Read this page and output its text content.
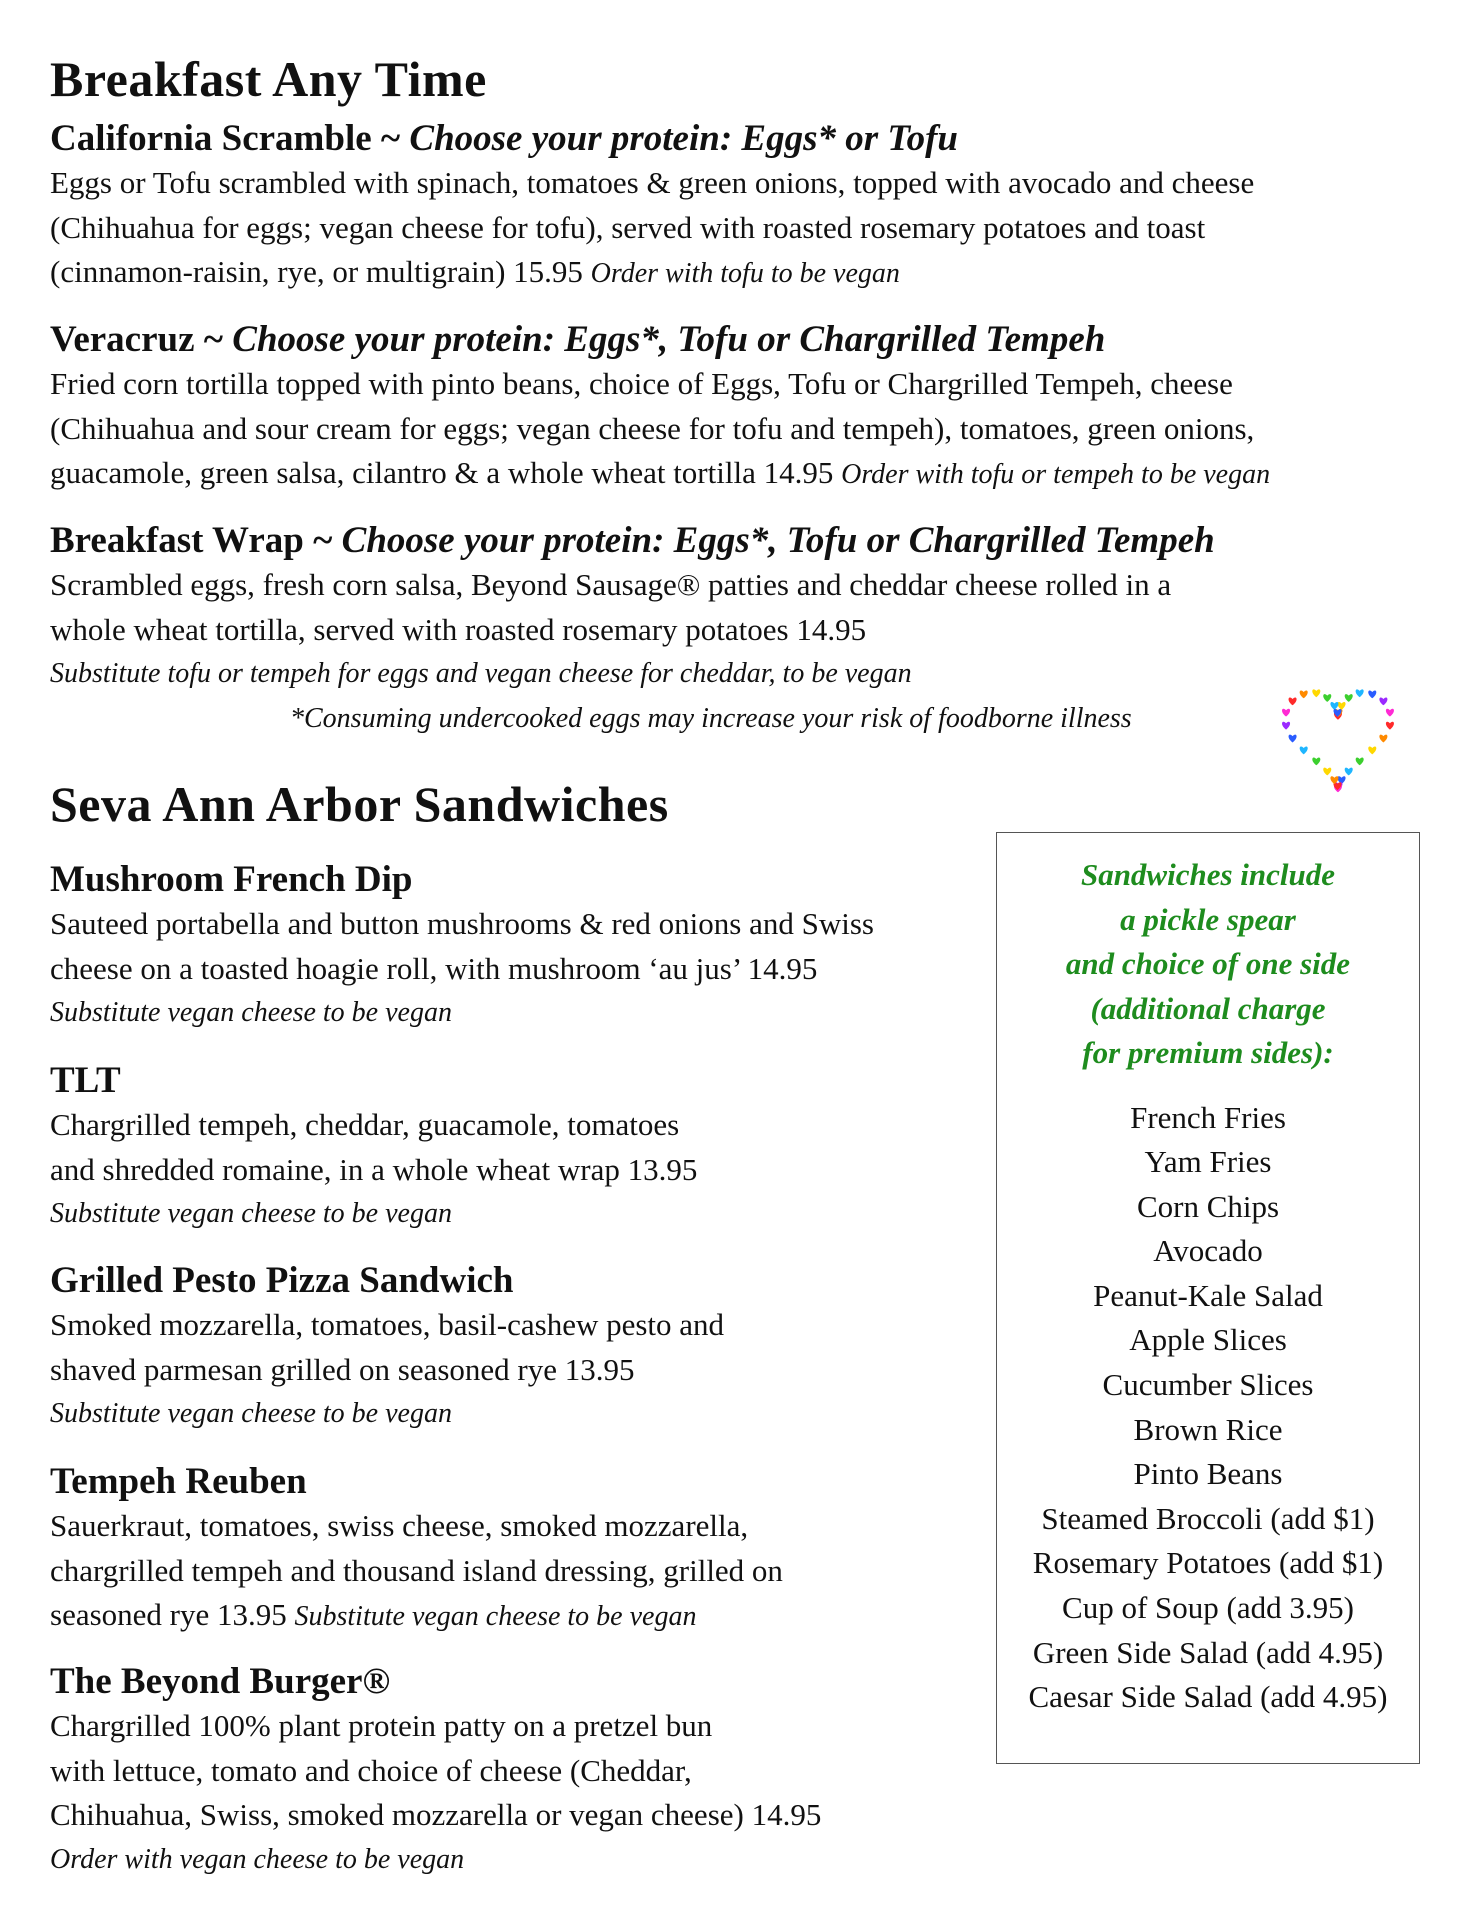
Breakfast Any Time
California Scramble ~ Choose your protein: Eggs* or Tofu
Eggs or Tofu scrambled with spinach, tomatoes & green onions, topped with avocado and cheese
(Chihuahua for eggs; vegan cheese for tofu), served with roasted rosemary potatoes and toast
(cinnamon-raisin, rye, or multigrain) 15.95 Order with tofu to be vegan
Veracruz ~ Choose your protein: Eggs*, Tofu or Chargrilled Tempeh
Fried corn tortilla topped with pinto beans, choice of Eggs, Tofu or Chargrilled Tempeh, cheese
(Chihuahua and sour cream for eggs; vegan cheese for tofu and tempeh), tomatoes, green onions,
guacamole, green salsa, cilantro & a whole wheat tortilla 14.95 Order with tofu or tempeh to be vegan
Breakfast Wrap ~ Choose your protein: Eggs*, Tofu or Chargrilled Tempeh
Scrambled eggs, fresh corn salsa, Beyond Sausage® patties and cheddar cheese rolled in a
whole wheat tortilla, served with roasted rosemary potatoes 14.95
Substitute tofu or tempeh for eggs and vegan cheese for cheddar, to be vegan
*Consuming undercooked eggs may increase your risk of foodborne illness
Seva Ann Arbor Sandwiches
Mushroom French Dip
Sauteed portabella and button mushrooms & red onions and Swiss
cheese on a toasted hoagie roll, with mushroom ‘au jus’ 14.95
Substitute vegan cheese to be vegan
TLT
Chargrilled tempeh, cheddar, guacamole, tomatoes
and shredded romaine, in a whole wheat wrap 13.95
Substitute vegan cheese to be vegan
Grilled Pesto Pizza Sandwich
Smoked mozzarella, tomatoes, basil-cashew pesto and
shaved parmesan grilled on seasoned rye 13.95
Substitute vegan cheese to be vegan
Tempeh Reuben
Sauerkraut, tomatoes, swiss cheese, smoked mozzarella,
chargrilled tempeh and thousand island dressing, grilled on
seasoned rye 13.95 Substitute vegan cheese to be vegan
The Beyond Burger®
Chargrilled 100% plant protein patty on a pretzel bun
with lettuce, tomato and choice of cheese (Cheddar,
Chihuahua, Swiss, smoked mozzarella or vegan cheese) 14.95
Order with vegan cheese to be vegan
Sandwiches include
a pickle spear
and choice of one side
(additional charge
for premium sides):
French Fries
Yam Fries
Corn Chips
Avocado
Peanut-Kale Salad
Apple Slices
Cucumber Slices
Brown Rice
Pinto Beans
Steamed Broccoli (add $1)
Rosemary Potatoes (add $1)
Cup of Soup (add 3.95)
Green Side Salad (add 4.95)
Caesar Side Salad (add 4.95)
